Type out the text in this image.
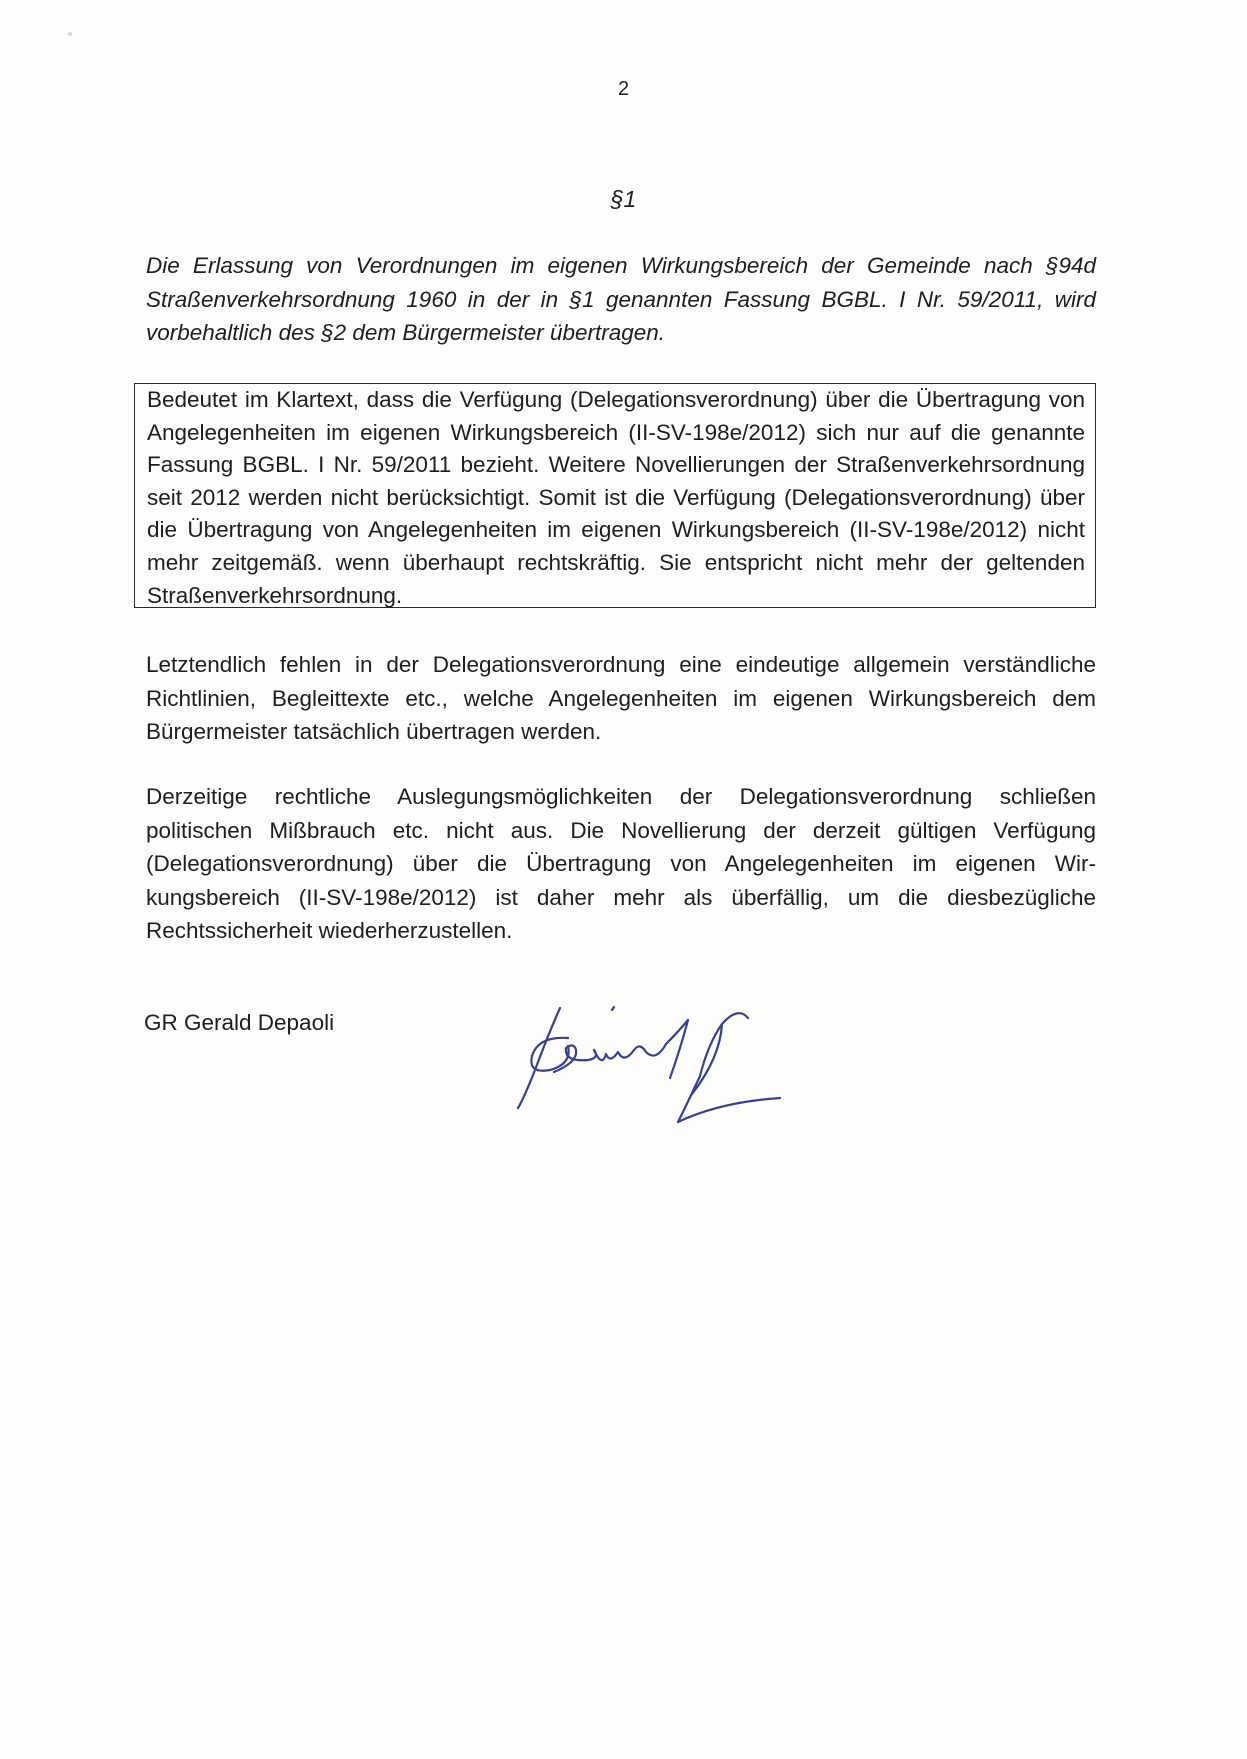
2
§1
Die Erlassung von Verordnungen im eigenen Wirkungsbereich der Gemeinde nach §94d Straßenverkehrsordnung 1960 in der in §1 genannten Fassung BGBL. I Nr. 59/2011, wird vorbehaltlich des §2 dem Bürgermeister übertragen.
Bedeutet im Klartext, dass die Verfügung (Delegationsverordnung) über die Übertragung von Angelegenheiten im eigenen Wirkungsbereich (II-SV-198e/2012) sich nur auf die genannte Fassung BGBL. I Nr. 59/2011 bezieht. Weitere Novellierungen der Straßenverkehrsordnung seit 2012 werden nicht berücksichtigt. Somit ist die Verfügung (Delegationsverordnung) über die Übertragung von Angelegenheiten im eigenen Wirkungsbereich (II-SV-198e/2012) nicht mehr zeitgemäß. wenn überhaupt rechtskräftig. Sie entspricht nicht mehr der geltenden Straßenverkehrsordnung.
Letztendlich fehlen in der Delegationsverordnung eine eindeutige allgemein verständliche Richtlinien, Begleittexte etc., welche Angelegenheiten im eigenen Wirkungsbereich dem Bürgermeister tatsächlich übertragen werden.
Derzeitige rechtliche Auslegungsmöglichkeiten der Delegationsverordnung schließen politischen Mißbrauch etc. nicht aus. Die Novellierung der derzeit gültigen Verfügung (Delegationsverordnung) über die Übertragung von Angelegenheiten im eigenen Wirkungsbereich (II-SV-198e/2012) ist daher mehr als überfällig, um die diesbezügliche Rechtssicherheit wiederherzustellen.
GR Gerald Depaoli
